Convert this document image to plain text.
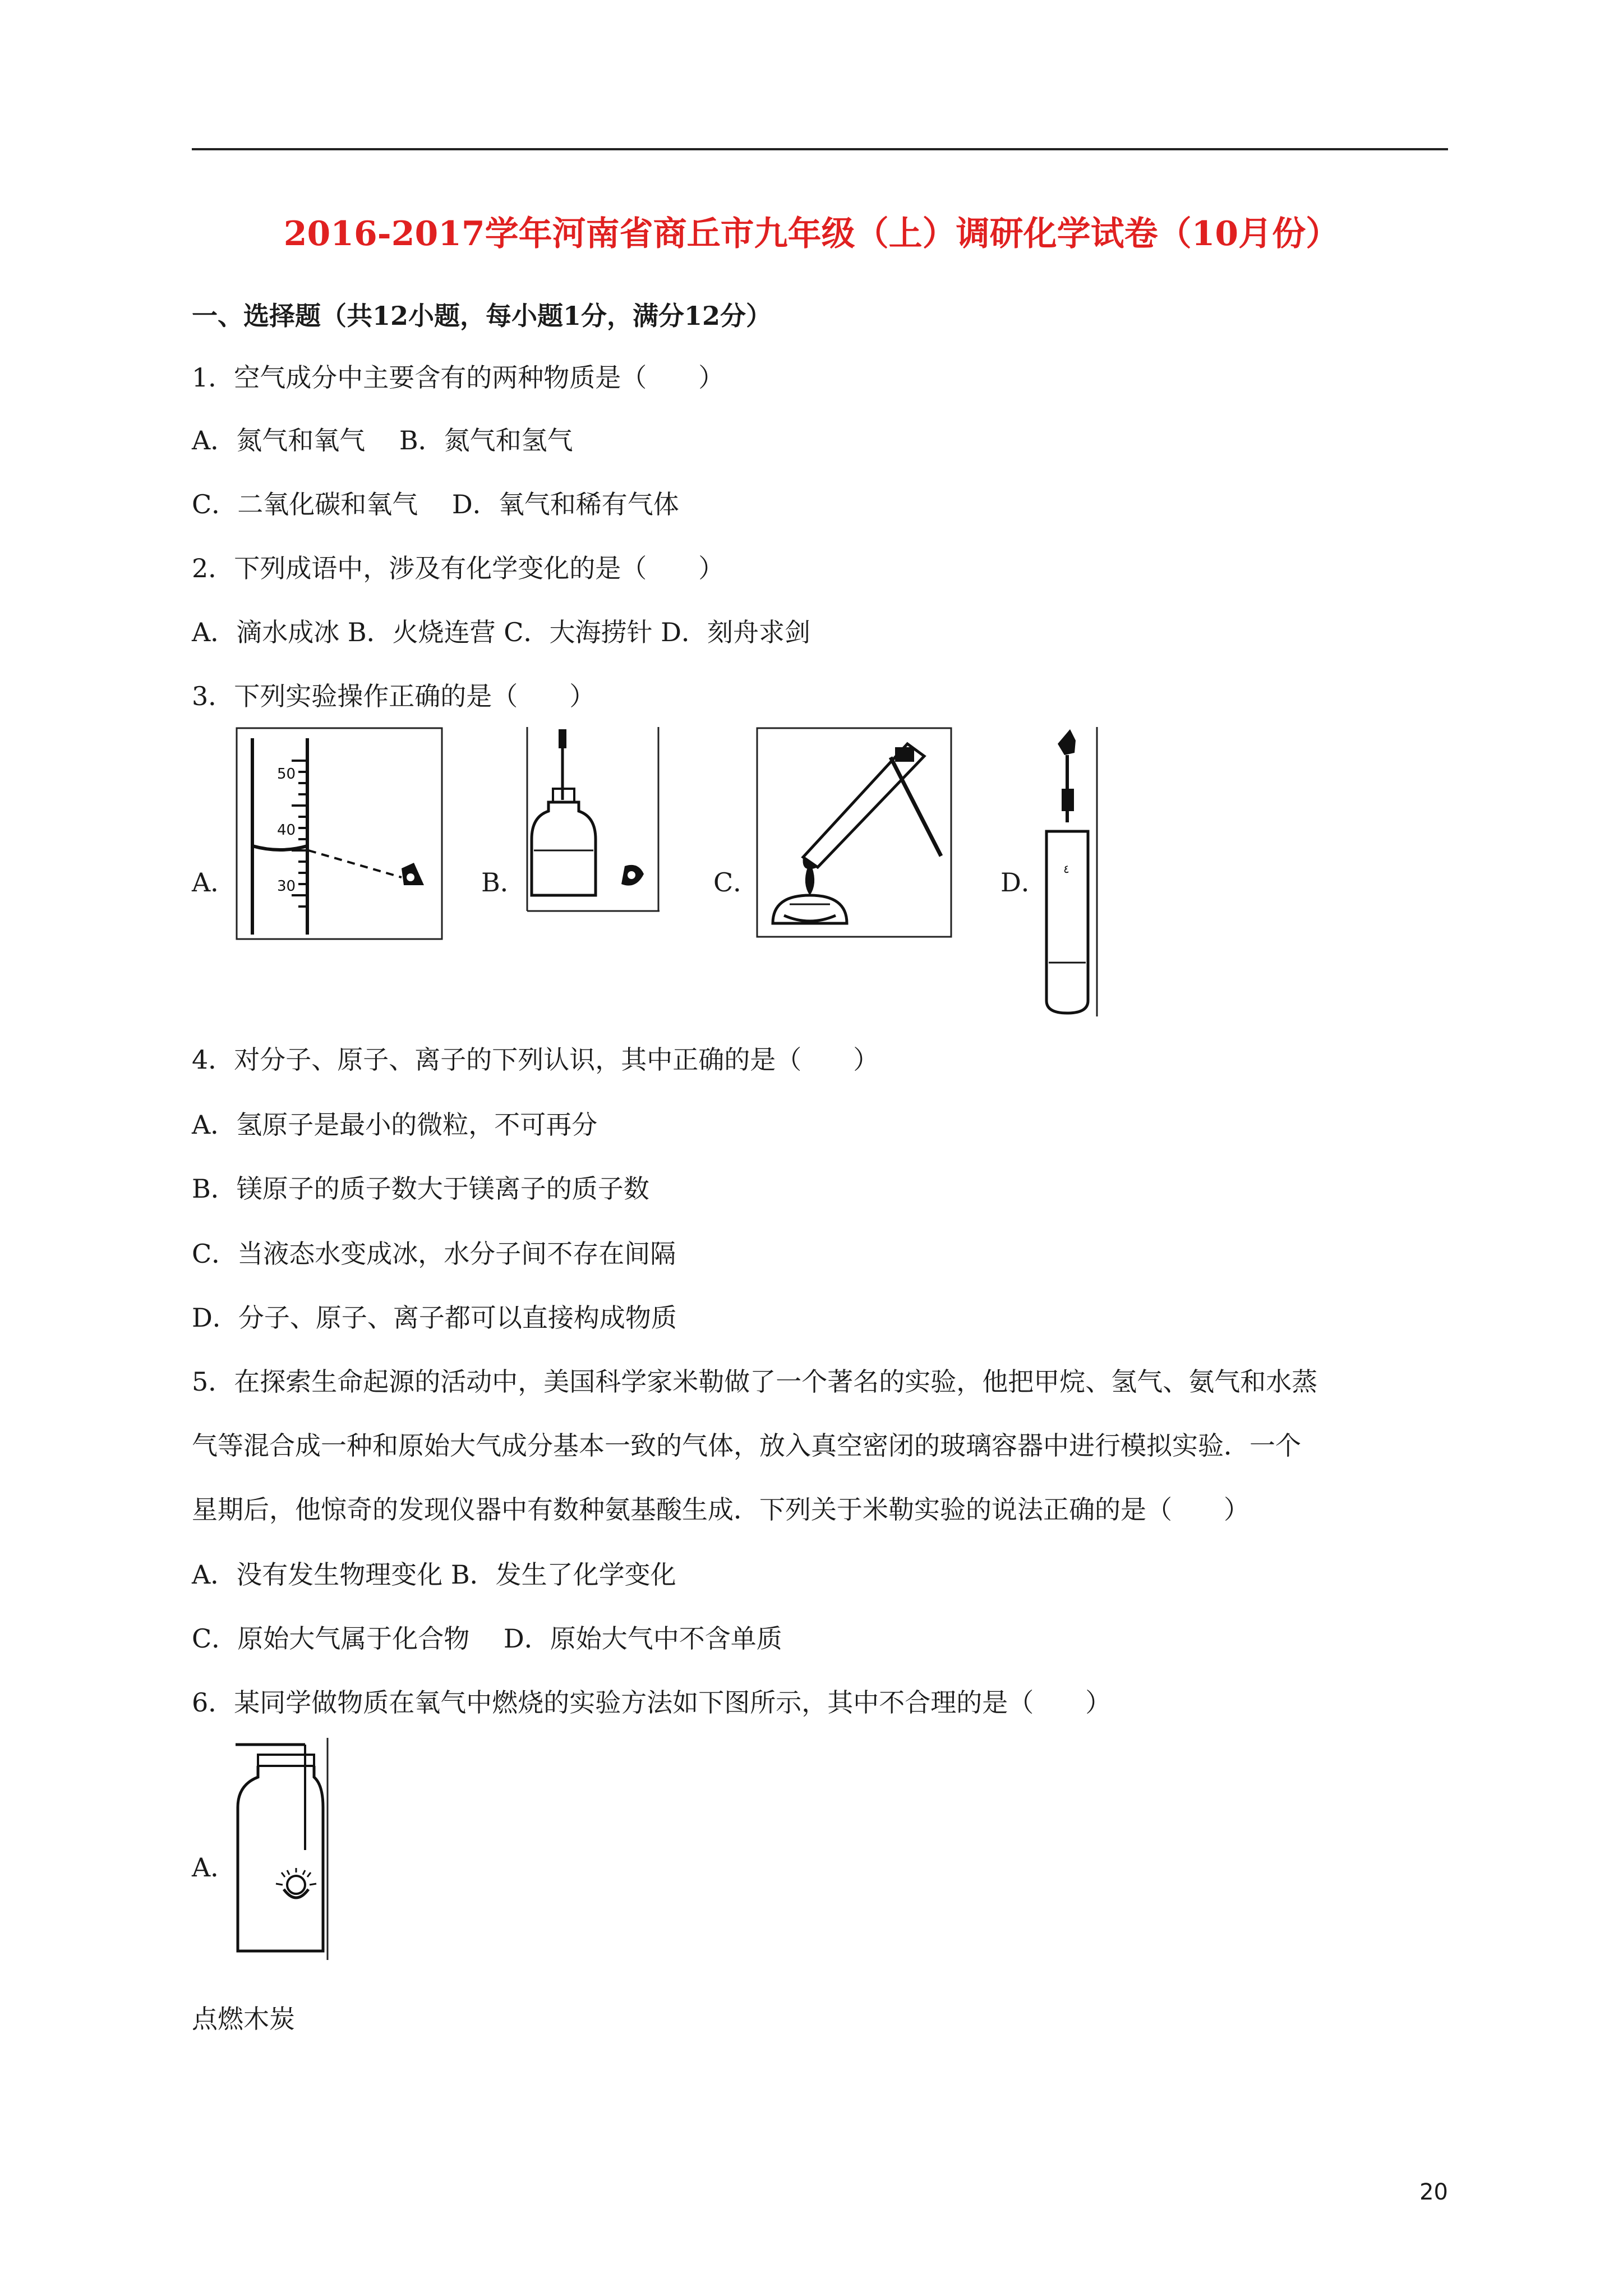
2016-2017学年河南省商丘市九年级（上）调研化学试卷（10月份）
一、选择题（共12小题，每小题1分，满分12分）
1．空气成分中主要含有的两种物质是（　　）
A．氮气和氧气　 B．氮气和氢气
C．二氧化碳和氧气　 D．氧气和稀有气体
2．下列成语中，涉及有化学变化的是（　　）
A．滴水成冰 B．火烧连营 C．大海捞针 D．刻舟求剑
3．下列实验操作正确的是（　　）
A．	B．	C．	D．
50
40
30
٤
4．对分子、原子、离子的下列认识，其中正确的是（　　）
A．氢原子是最小的微粒，不可再分
B．镁原子的质子数大于镁离子的质子数
C．当液态水变成冰，水分子间不存在间隔
D．分子、原子、离子都可以直接构成物质
5．在探索生命起源的活动中，美国科学家米勒做了一个著名的实验，他把甲烷、氢气、氨气和水蒸
气等混合成一种和原始大气成分基本一致的气体，放入真空密闭的玻璃容器中进行模拟实验．一个
星期后，他惊奇的发现仪器中有数种氨基酸生成．下列关于米勒实验的说法正确的是（　　）
A．没有发生物理变化 B．发生了化学变化
C．原始大气属于化合物　 D．原始大气中不含单质
6．某同学做物质在氧气中燃烧的实验方法如下图所示，其中不合理的是（　　）
A．
点燃木炭
20
